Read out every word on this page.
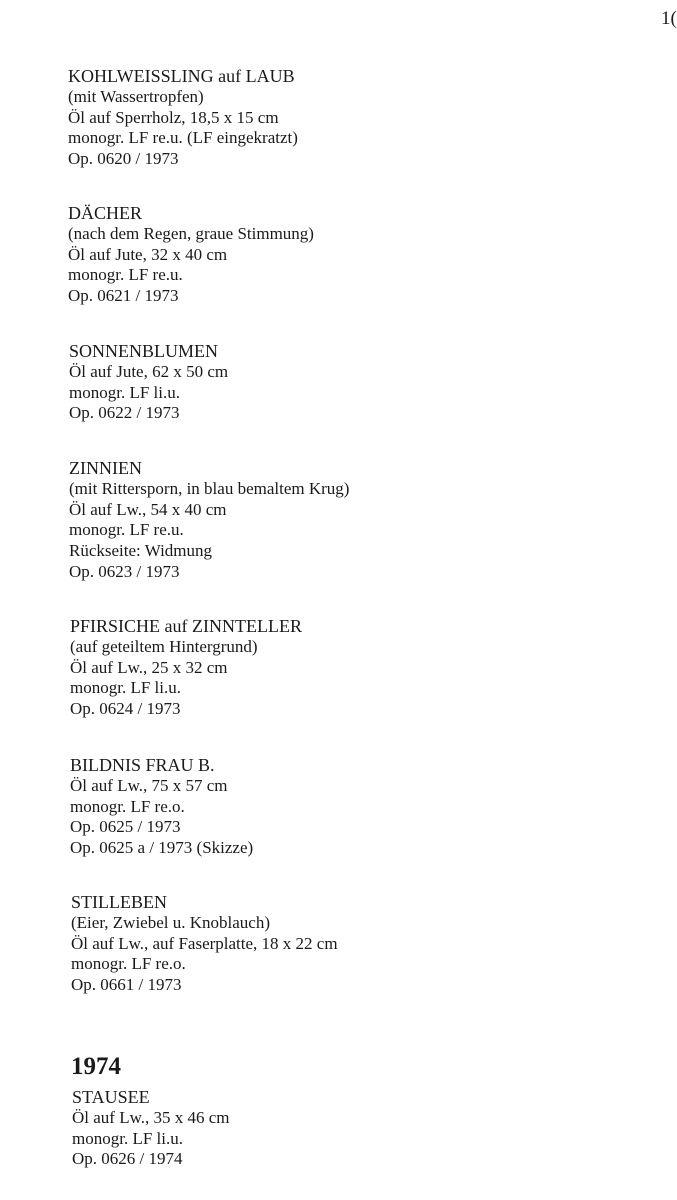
1(
KOHLWEISSLING auf LAUB
(mit Wassertropfen)
Öl auf Sperrholz, 18,5 x 15 cm
monogr. LF re.u. (LF eingekratzt)
Op. 0620 / 1973
DÄCHER
(nach dem Regen, graue Stimmung)
Öl auf Jute, 32 x 40 cm
monogr. LF re.u.
Op. 0621 / 1973
SONNENBLUMEN
Öl auf Jute, 62 x 50 cm
monogr. LF li.u.
Op. 0622 / 1973
ZINNIEN
(mit Rittersporn, in blau bemaltem Krug)
Öl auf Lw., 54 x 40 cm
monogr. LF re.u.
Rückseite: Widmung
Op. 0623 / 1973
PFIRSICHE auf ZINNTELLER
(auf geteiltem Hintergrund)
Öl auf Lw., 25 x 32 cm
monogr. LF li.u.
Op. 0624 / 1973
BILDNIS FRAU B.
Öl auf Lw., 75 x 57 cm
monogr. LF re.o.
Op. 0625 / 1973
Op. 0625 a / 1973 (Skizze)
STILLEBEN
(Eier, Zwiebel u. Knoblauch)
Öl auf Lw., auf Faserplatte, 18 x 22 cm
monogr. LF re.o.
Op. 0661 / 1973
1974
STAUSEE
Öl auf Lw., 35 x 46 cm
monogr. LF li.u.
Op. 0626 / 1974
